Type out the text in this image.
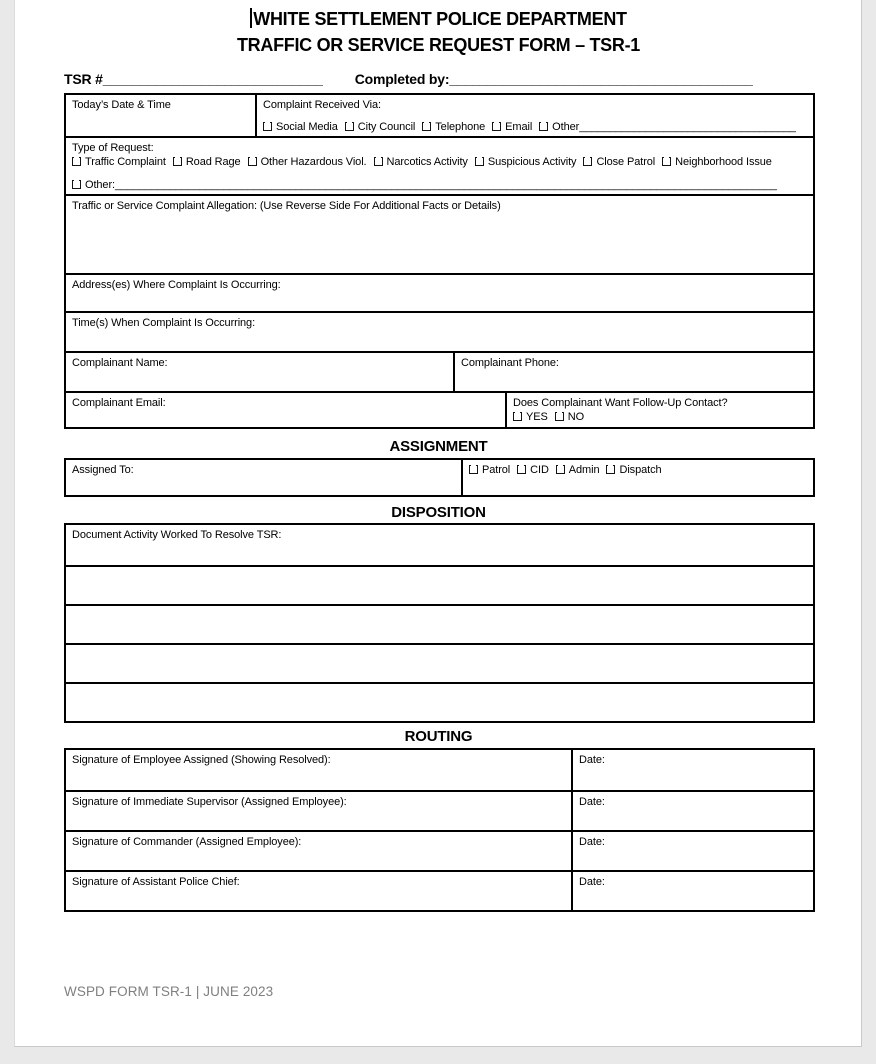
WHITE SETTLEMENT POLICE DEPARTMENT
TRAFFIC OR SERVICE REQUEST FORM – TSR-1
TSR #_____________________________ Completed by:________________________________________
Today’s Date & Time	Complaint Received Via:
Social Media City Council Telephone Email Other____________________________________
Type of Request:
Traffic Complaint Road Rage Other Hazardous Viol. Narcotics Activity Suspicious Activity Close Patrol Neighborhood Issue
Other:______________________________________________________________________________________________________________
Traffic or Service Complaint Allegation: (Use Reverse Side For Additional Facts or Details)
Address(es) Where Complaint Is Occurring:
Time(s) When Complaint Is Occurring:
Complainant Name:	Complainant Phone:
Complainant Email:	Does Complainant Want Follow-Up Contact?
YES NO
ASSIGNMENT
Assigned To:	Patrol CID Admin Dispatch
DISPOSITION
Document Activity Worked To Resolve TSR:
ROUTING
Signature of Employee Assigned (Showing Resolved):	Date:
Signature of Immediate Supervisor (Assigned Employee):	Date:
Signature of Commander (Assigned Employee):	Date:
Signature of Assistant Police Chief:	Date:
WSPD FORM TSR-1 | JUNE 2023
